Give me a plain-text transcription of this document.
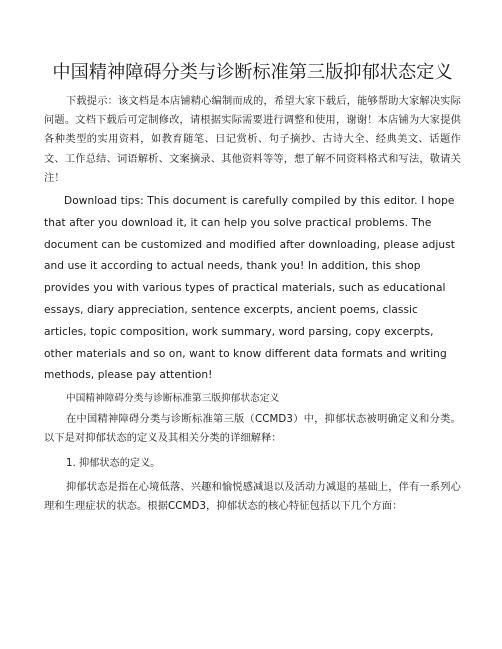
中国精神障碍分类与诊断标准第三版抑郁状态定义

下载提示：该文档是本店铺精心编制而成的，希望大家下载后，能够帮助大家解决实际问题。文档下载后可定制修改，请根据实际需要进行调整和使用，谢谢！本店铺为大家提供各种类型的实用资料，如教育随笔、日记赏析、句子摘抄、古诗大全、经典美文、话题作文、工作总结、词语解析、文案摘录、其他资料等等，想了解不同资料格式和写法，敬请关注！

Download tips: This document is carefully compiled by this editor. I hope that after you download it, it can help you solve practical problems. The document can be customized and modified after downloading, please adjust and use it according to actual needs, thank you! In addition, this shop provides you with various types of practical materials, such as educational essays, diary appreciation, sentence excerpts, ancient poems, classic articles, topic composition, work summary, word parsing, copy excerpts, other materials and so on, want to know different data formats and writing methods, please pay attention!

中国精神障碍分类与诊断标准第三版抑郁状态定义

在中国精神障碍分类与诊断标准第三版（CCMD3）中，抑郁状态被明确定义和分类。以下是对抑郁状态的定义及其相关分类的详细解释：

1. 抑郁状态的定义。

抑郁状态是指在心境低落、兴趣和愉悦感减退以及活动力减退的基础上，伴有一系列心理和生理症状的状态。根据CCMD3，抑郁状态的核心特征包括以下几个方面：
